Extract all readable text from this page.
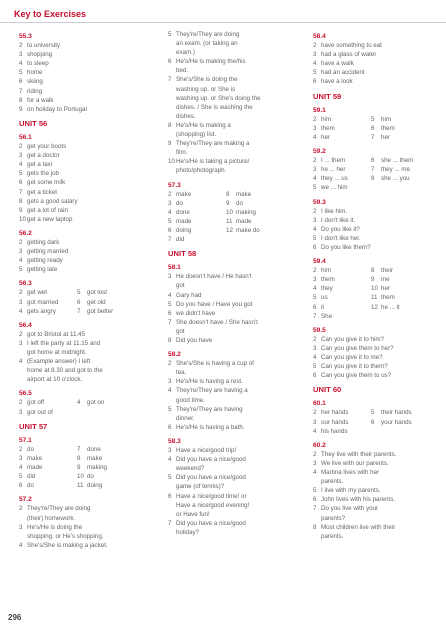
Key to Exercises
55.3
2 to university
3 shopping
4 to sleep
5 home
6 skiing
7 riding
8 for a walk
9 on holiday to Portugal
UNIT 56
56.1
2 get your boots
3 get a doctor
4 get a taxi
5 gets the job
6 get some milk
7 get a ticket
8 gets a good salary
9 get a lot of rain
10 get a new laptop
56.2
2 getting dark
3 getting married
4 getting ready
5 getting late
56.3
2 get wet	5	got lost
3 got married	6	get old
4 gets angry	7	got better
56.4
2 got to Bristol at 11.45
3 I left the party at 11.15 and
got home at midnight.
4 (Example answer) I left
home at 8.30 and got to the
airport at 10 o'clock.
56.5
2 got off	4	got on
3 got out of
UNIT 57
57.1
2 do	7	done
3 make	8	make
4 made	9	making
5 did	10 do
6 do	11 doing
57.2
2 They're/They are doing
(their) homework.
3 He's/He is doing the
shopping. or He's shopping.
4 She's/She is making a jacket.
5 They're/They are doing
an exam. (or taking an
exam.)
6 He's/He is making the/his
bed.
7 She's/She is doing the
washing up. or She is
washing up. or She's doing the
dishes. / She is washing the
dishes.
8 He's/He is making a
(shopping) list.
9 They're/They are making a
film.
10 He's/He is taking a picture/
photo/photograph.
57.3
2 make	8	make
3 do	9	do
4 done	10 making
5 made	11 made
6 doing	12 make do
7 did
UNIT 58
58.1
3 He doesn't have / He hasn't
got
4 Gary had
5 Do you have / Have you got
6 we didn't have
7 She doesn't have / She hasn't
got
8 Did you have
58.2
2 She's/She is having a cup of
tea.
3 He's/He is having a rest.
4 They're/They are having a
good time.
5 They're/They are having
dinner.
6 He's/He is having a bath.
58.3
3 Have a nice/good trip!
4 Did you have a nice/good
weekend?
5 Did you have a nice/good
game (of tennis)?
6 Have a nice/good time! or
Have a nice/good evening!
or Have fun!
7 Did you have a nice/good
holiday?
58.4
2 have something to eat
3 had a glass of water
4 have a walk
5 had an accident
6 have a look
UNIT 59
59.1
2 him	5	him
3 them	6	them
4 her	7	her
59.2
2 I ... them	6	she ... them
3 he ... her	7	they ... me
4 they ... us	8	she ... you
5 we ... him
59.3
2 I like him.
3 I don't like it.
4 Do you like it?
5 I don't like her.
6 Do you like them?
59.4
2 him	8	their
3 them	9	me
4 they	10 her
5 us	11 them
6 it	12 he ... it
7 She
59.5
2 Can you give it to him?
3 Can you give them to her?
4 Can you give it to me?
5 Can you give it to them?
6 Can you give them to us?
UNIT 60
60.1
2 her hands	5	their hands
3 our hands	6	your hands
4 his hands
60.2
2 They live with their parents.
3 We live with our parents.
4 Martina lives with her
parents.
5 I live with my parents.
6 John lives with his parents.
7 Do you live with your
parents?
8 Most children live with their
parents.
296
